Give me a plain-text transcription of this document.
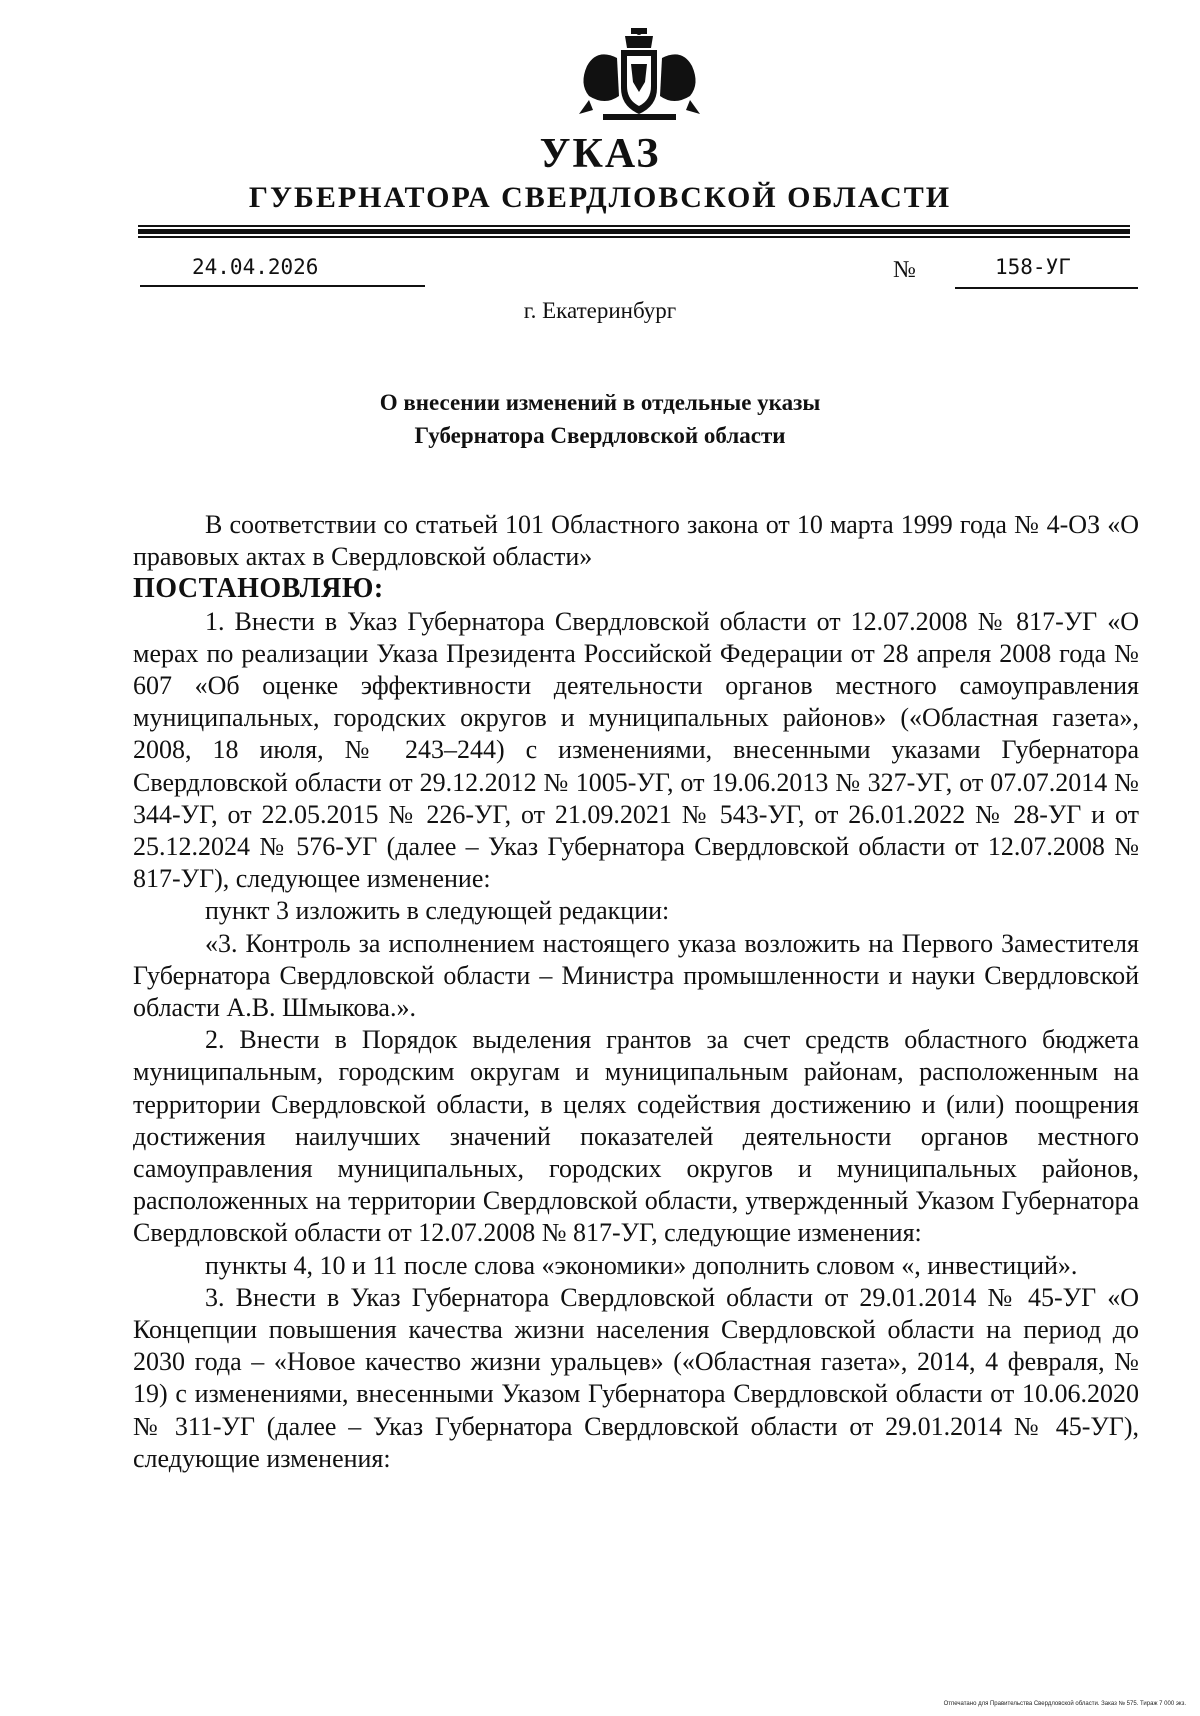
УКАЗ
ГУБЕРНАТОРА СВЕРДЛОВСКОЙ ОБЛАСТИ
24.04.2026	№	158-УГ
г. Екатеринбург
О внесении изменений в отдельные указы
Губернатора Свердловской области

В соответствии со статьей 101 Областного закона от 10 марта 1999 года № 4-ОЗ «О правовых актах в Свердловской области»

ПОСТАНОВЛЯЮ:

1. Внести в Указ Губернатора Свердловской области от 12.07.2008 № 817-УГ «О мерах по реализации Указа Президента Российской Федерации от 28 апреля 2008 года № 607 «Об оценке эффективности деятельности органов местного самоуправления муниципальных, городских округов и муниципальных районов» («Областная газета», 2008, 18 июля, № 243–244) с изменениями, внесенными указами Губернатора Свердловской области от 29.12.2012 № 1005-УГ, от 19.06.2013 № 327-УГ, от 07.07.2014 № 344-УГ, от 22.05.2015 № 226-УГ, от 21.09.2021 № 543-УГ, от 26.01.2022 № 28-УГ и от 25.12.2024 № 576-УГ (далее – Указ Губернатора Свердловской области от 12.07.2008 № 817-УГ), следующее изменение:

пункт 3 изложить в следующей редакции:

«3. Контроль за исполнением настоящего указа возложить на Первого Заместителя Губернатора Свердловской области – Министра промышленности и науки Свердловской области А.В. Шмыкова.».

2. Внести в Порядок выделения грантов за счет средств областного бюджета муниципальным, городским округам и муниципальным районам, расположенным на территории Свердловской области, в целях содействия достижению и (или) поощрения достижения наилучших значений показателей деятельности органов местного самоуправления муниципальных, городских округов и муниципальных районов, расположенных на территории Свердловской области, утвержденный Указом Губернатора Свердловской области от 12.07.2008 № 817-УГ, следующие изменения:

пункты 4, 10 и 11 после слова «экономики» дополнить словом «, инвестиций».

3. Внести в Указ Губернатора Свердловской области от 29.01.2014 № 45-УГ «О Концепции повышения качества жизни населения Свердловской области на период до 2030 года – «Новое качество жизни уральцев» («Областная газета», 2014, 4 февраля, № 19) с изменениями, внесенными Указом Губернатора Свердловской области от 10.06.2020 № 311-УГ (далее – Указ Губернатора Свердловской области от 29.01.2014 № 45-УГ), следующие изменения:

Отпечатано для Правительства Свердловской области. Заказ № 575. Тираж 7 000 экз.
